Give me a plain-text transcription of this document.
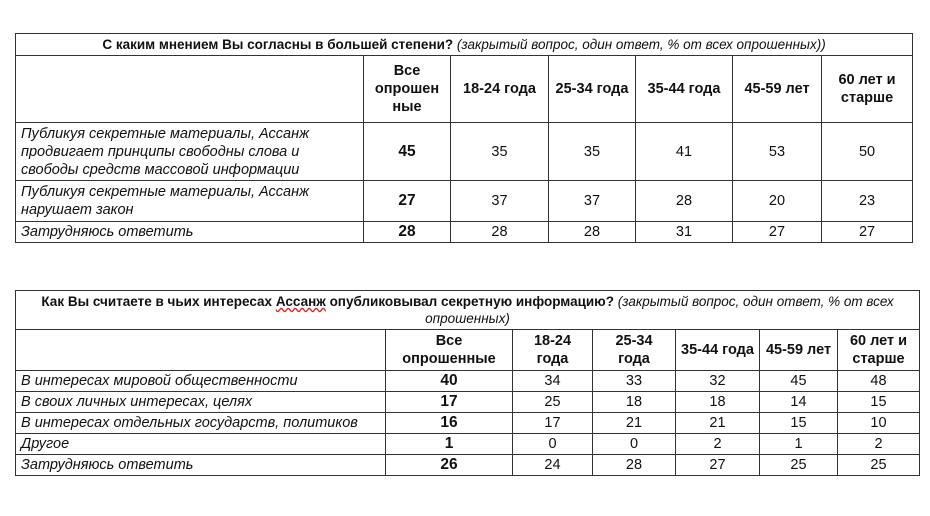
С каким мнением Вы согласны в большей степени? (закрытый вопрос, один ответ, % от всех опрошенных))						
	Все опрошен ные	18-24 года	25-34 года	35-44 года	45-59 лет	60 лет и старше
Публикуя секретные материалы, Ассанж продвигает принципы свободны слова и свободы средств массовой информации	45	35	35	41	53	50
Публикуя секретные материалы, Ассанж нарушает закон	27	37	37	28	20	23
Затрудняюсь ответить	28	28	28	31	27	27
Как Вы считаете в чьих интересах Ассанж опубликовывал секретную информацию? (закрытый вопрос, один ответ, % от всех опрошенных)						
	Все опрошенные	18-24 года	25-34 года	35-44 года	45-59 лет	60 лет и старше
В интересах мировой общественности	40	34	33	32	45	48
В своих личных интересах, целях	17	25	18	18	14	15
В интересах отдельных государств, политиков	16	17	21	21	15	10
Другое	1	0	0	2	1	2
Затрудняюсь ответить	26	24	28	27	25	25
